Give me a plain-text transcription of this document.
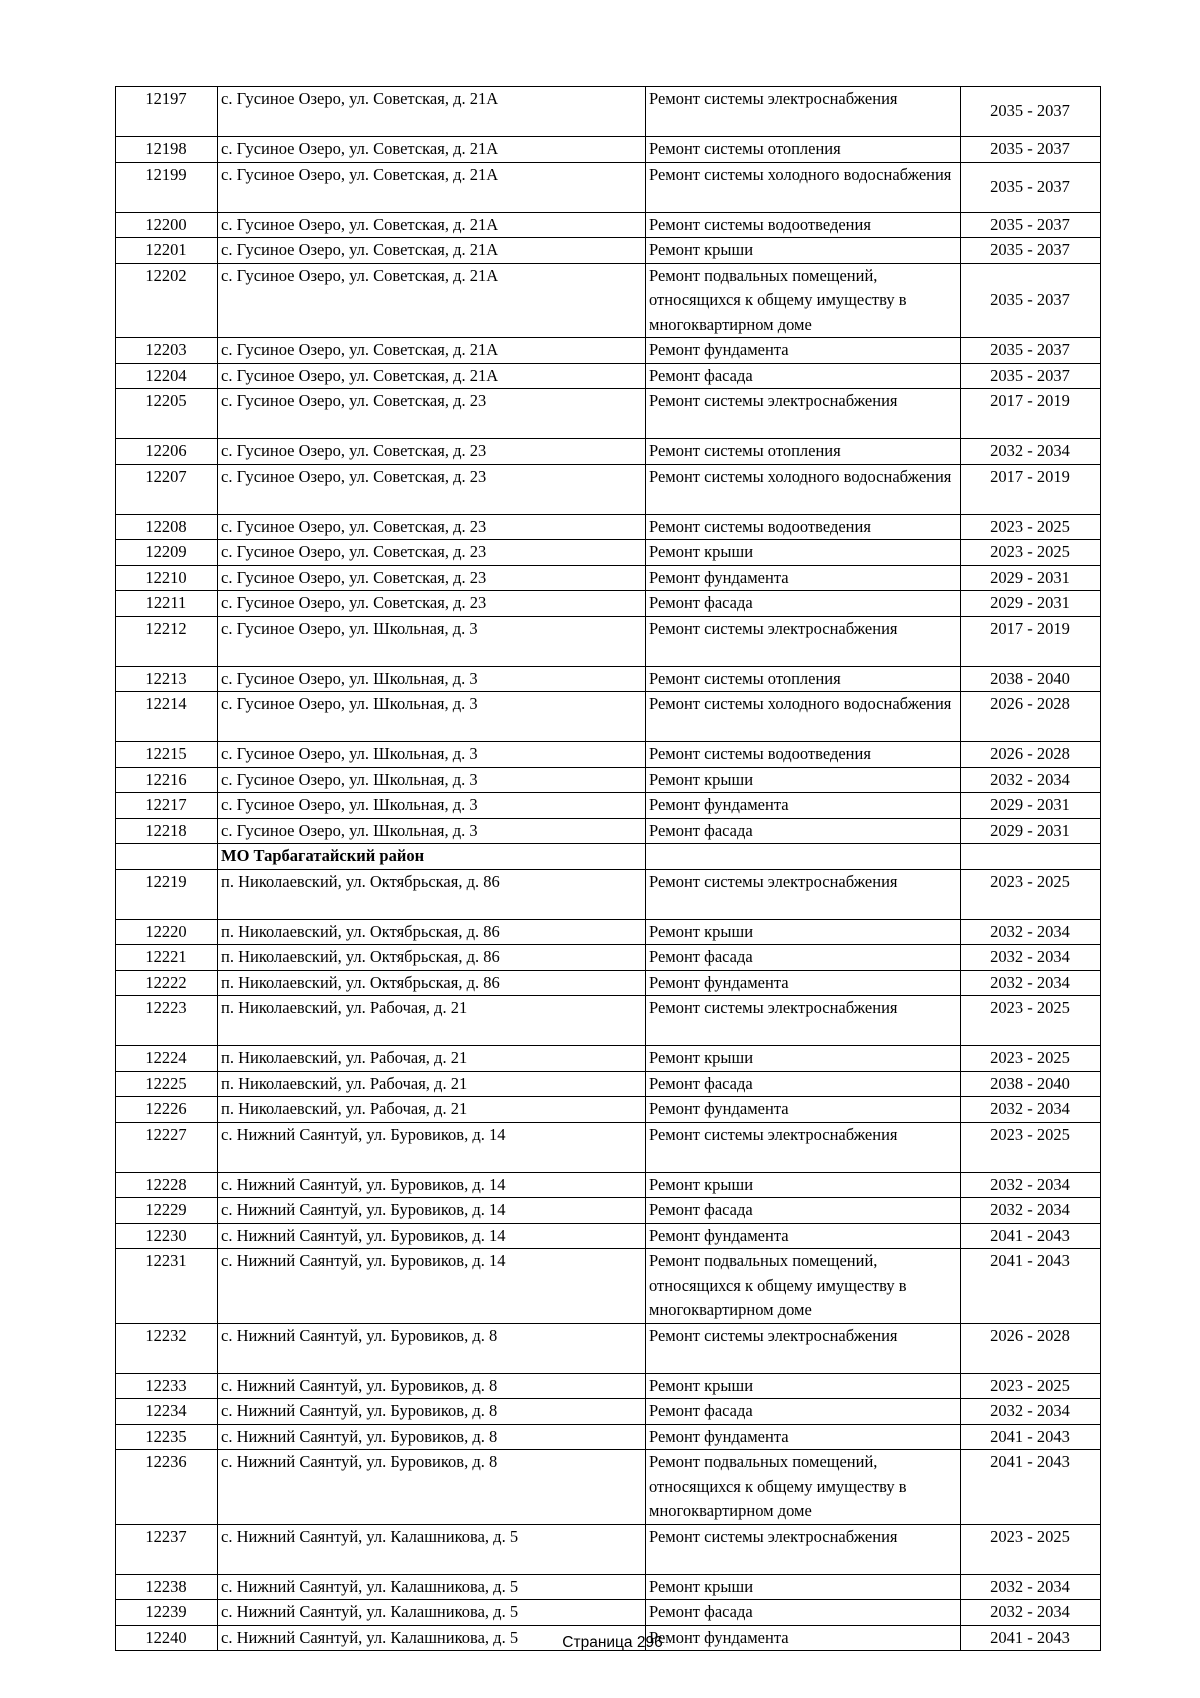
12197	с. Гусиное Озеро, ул. Советская, д. 21А	Ремонт системы электроснабжения	2035 - 2037
12198	с. Гусиное Озеро, ул. Советская, д. 21А	Ремонт системы отопления	2035 - 2037
12199	с. Гусиное Озеро, ул. Советская, д. 21А	Ремонт системы холодного водоснабжения	2035 - 2037
12200	с. Гусиное Озеро, ул. Советская, д. 21А	Ремонт системы водоотведения	2035 - 2037
12201	с. Гусиное Озеро, ул. Советская, д. 21А	Ремонт крыши	2035 - 2037
12202	с. Гусиное Озеро, ул. Советская, д. 21А	Ремонт подвальных помещений, относящихся к общему имуществу в многоквартирном доме	2035 - 2037
12203	с. Гусиное Озеро, ул. Советская, д. 21А	Ремонт фундамента	2035 - 2037
12204	с. Гусиное Озеро, ул. Советская, д. 21А	Ремонт фасада	2035 - 2037
12205	с. Гусиное Озеро, ул. Советская, д. 23	Ремонт системы электроснабжения	2017 - 2019
12206	с. Гусиное Озеро, ул. Советская, д. 23	Ремонт системы отопления	2032 - 2034
12207	с. Гусиное Озеро, ул. Советская, д. 23	Ремонт системы холодного водоснабжения	2017 - 2019
12208	с. Гусиное Озеро, ул. Советская, д. 23	Ремонт системы водоотведения	2023 - 2025
12209	с. Гусиное Озеро, ул. Советская, д. 23	Ремонт крыши	2023 - 2025
12210	с. Гусиное Озеро, ул. Советская, д. 23	Ремонт фундамента	2029 - 2031
12211	с. Гусиное Озеро, ул. Советская, д. 23	Ремонт фасада	2029 - 2031
12212	с. Гусиное Озеро, ул. Школьная, д. 3	Ремонт системы электроснабжения	2017 - 2019
12213	с. Гусиное Озеро, ул. Школьная, д. 3	Ремонт системы отопления	2038 - 2040
12214	с. Гусиное Озеро, ул. Школьная, д. 3	Ремонт системы холодного водоснабжения	2026 - 2028
12215	с. Гусиное Озеро, ул. Школьная, д. 3	Ремонт системы водоотведения	2026 - 2028
12216	с. Гусиное Озеро, ул. Школьная, д. 3	Ремонт крыши	2032 - 2034
12217	с. Гусиное Озеро, ул. Школьная, д. 3	Ремонт фундамента	2029 - 2031
12218	с. Гусиное Озеро, ул. Школьная, д. 3	Ремонт фасада	2029 - 2031
	МО Тарбагатайский район		
12219	п. Николаевский, ул. Октябрьская, д. 86	Ремонт системы электроснабжения	2023 - 2025
12220	п. Николаевский, ул. Октябрьская, д. 86	Ремонт крыши	2032 - 2034
12221	п. Николаевский, ул. Октябрьская, д. 86	Ремонт фасада	2032 - 2034
12222	п. Николаевский, ул. Октябрьская, д. 86	Ремонт фундамента	2032 - 2034
12223	п. Николаевский, ул. Рабочая, д. 21	Ремонт системы электроснабжения	2023 - 2025
12224	п. Николаевский, ул. Рабочая, д. 21	Ремонт крыши	2023 - 2025
12225	п. Николаевский, ул. Рабочая, д. 21	Ремонт фасада	2038 - 2040
12226	п. Николаевский, ул. Рабочая, д. 21	Ремонт фундамента	2032 - 2034
12227	с. Нижний Саянтуй, ул. Буровиков, д. 14	Ремонт системы электроснабжения	2023 - 2025
12228	с. Нижний Саянтуй, ул. Буровиков, д. 14	Ремонт крыши	2032 - 2034
12229	с. Нижний Саянтуй, ул. Буровиков, д. 14	Ремонт фасада	2032 - 2034
12230	с. Нижний Саянтуй, ул. Буровиков, д. 14	Ремонт фундамента	2041 - 2043
12231	с. Нижний Саянтуй, ул. Буровиков, д. 14	Ремонт подвальных помещений, относящихся к общему имуществу в многоквартирном доме	2041 - 2043
12232	с. Нижний Саянтуй, ул. Буровиков, д. 8	Ремонт системы электроснабжения	2026 - 2028
12233	с. Нижний Саянтуй, ул. Буровиков, д. 8	Ремонт крыши	2023 - 2025
12234	с. Нижний Саянтуй, ул. Буровиков, д. 8	Ремонт фасада	2032 - 2034
12235	с. Нижний Саянтуй, ул. Буровиков, д. 8	Ремонт фундамента	2041 - 2043
12236	с. Нижний Саянтуй, ул. Буровиков, д. 8	Ремонт подвальных помещений, относящихся к общему имуществу в многоквартирном доме	2041 - 2043
12237	с. Нижний Саянтуй, ул. Калашникова, д. 5	Ремонт системы электроснабжения	2023 - 2025
12238	с. Нижний Саянтуй, ул. Калашникова, д. 5	Ремонт крыши	2032 - 2034
12239	с. Нижний Саянтуй, ул. Калашникова, д. 5	Ремонт фасада	2032 - 2034
12240	с. Нижний Саянтуй, ул. Калашникова, д. 5	Ремонт фундамента	2041 - 2043
Страница 296
